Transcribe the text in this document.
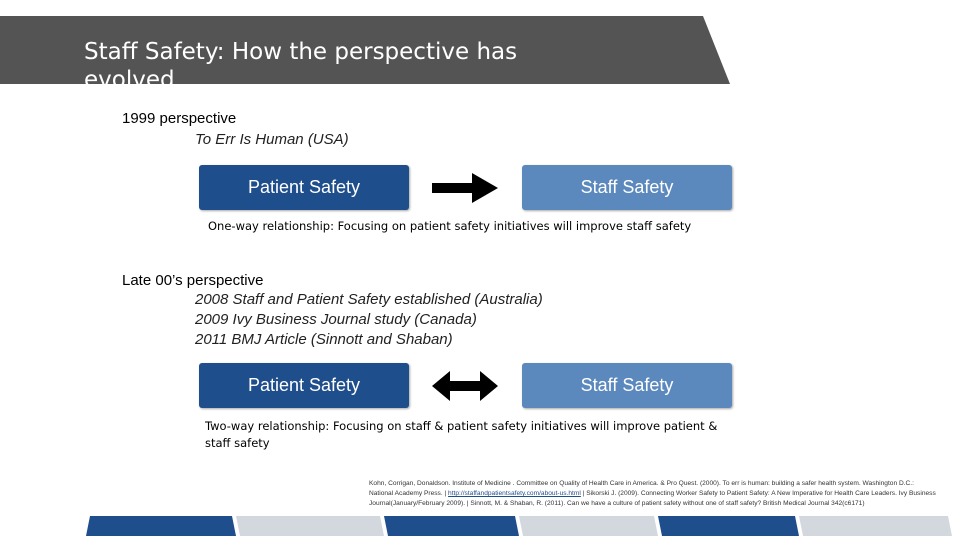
Staff Safety: How the perspective has
evolved
1999 perspective
To Err Is Human (USA)
Patient Safety	Staff Safety
One-way relationship: Focusing on patient safety initiatives will improve staff safety
Late 00’s perspective
2008 Staff and Patient Safety established (Australia)
2009 Ivy Business Journal study (Canada)
2011 BMJ Article (Sinnott and Shaban)
Patient Safety	Staff Safety
Two-way relationship: Focusing on staff & patient safety initiatives will improve patient &
staff safety
Kohn, Corrigan, Donaldson. Institute of Medicine . Committee on Quality of Health Care in America. & Pro Quest. (2000). To err is human: building a safer health system. Washington D.C.: National Academy Press. | http://staffandpatientsafety.com/about-us.html | Sikorski J. (2009). Connecting Worker Safety to Patient Safety: A New Imperative for Health Care Leaders. Ivy Business Journal(January/February 2009). | Sinnott, M. & Shaban, R. (2011). Can we have a culture of patient safety without one of staff safety? British Medical Journal 342(c6171)
